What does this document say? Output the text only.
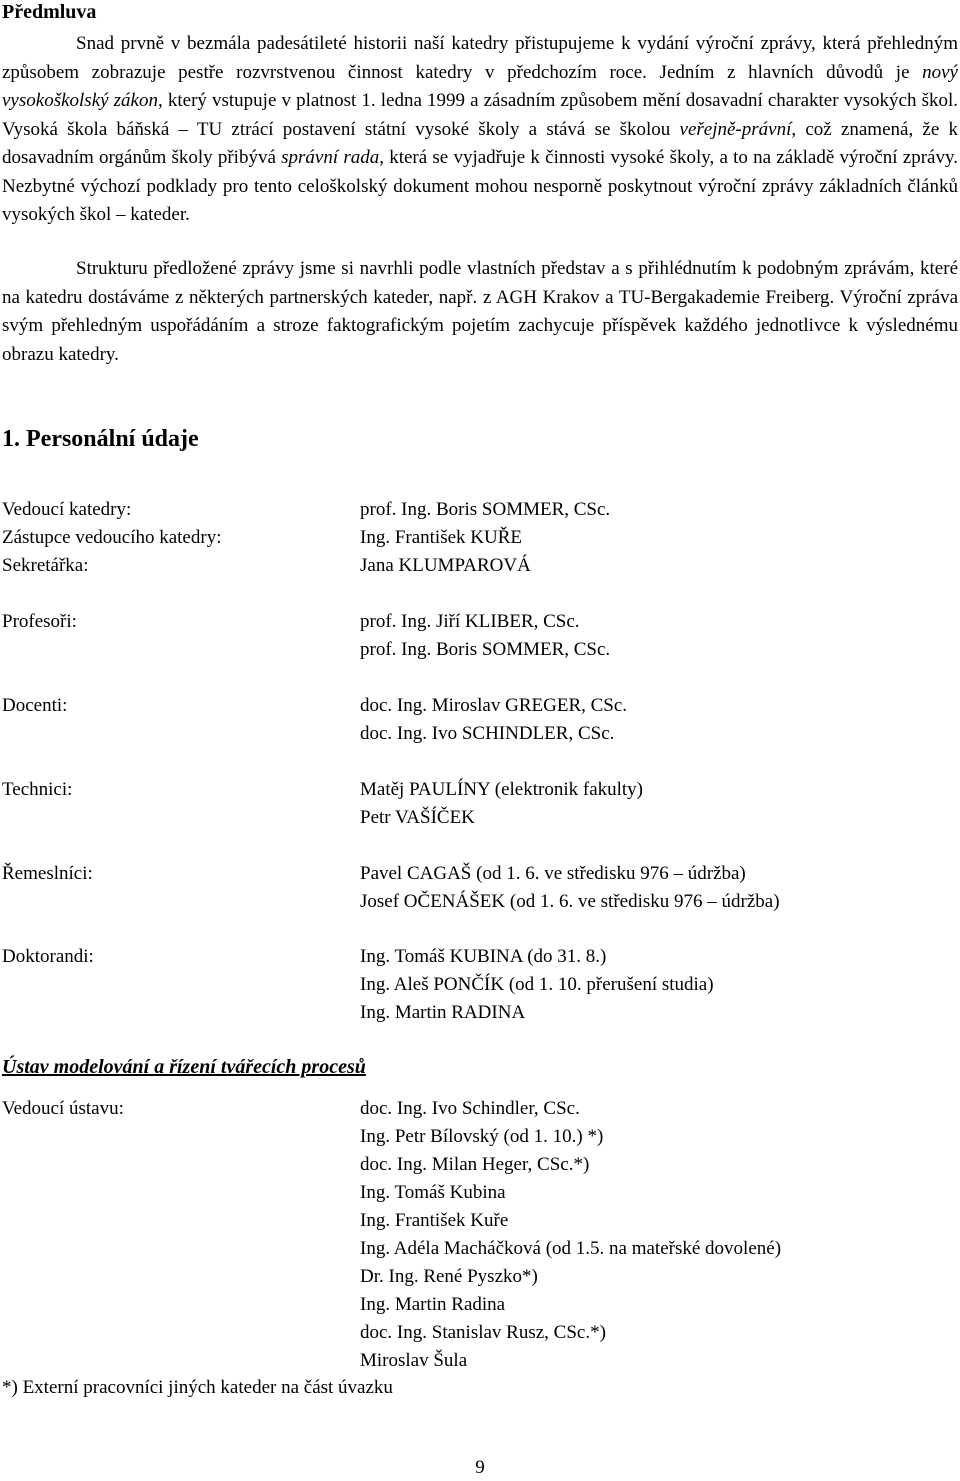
Předmluva

Snad prvně v bezmála padesátileté historii naší katedry přistupujeme k vydání výroční zprávy, která přehledným způsobem zobrazuje pestře rozvrstvenou činnost katedry v předchozím roce. Jedním z hlavních důvodů je nový vysokoškolský zákon, který vstupuje v platnost 1. ledna 1999 a zásadním způsobem mění dosavadní charakter vysokých škol. Vysoká škola báňská – TU ztrácí postavení státní vysoké školy a stává se školou veřejně-právní, což znamená, že k dosavadním orgánům školy přibývá správní rada, která se vyjadřuje k činnosti vysoké školy, a to na základě výroční zprávy. Nezbytné výchozí podklady pro tento celoškolský dokument mohou nesporně poskytnout výroční zprávy základních článků vysokých škol – kateder.

Strukturu předložené zprávy jsme si navrhli podle vlastních představ a s přihlédnutím k podobným zprávám, které na katedru dostáváme z některých partnerských kateder, např. z AGH Krakov a TU-Bergakademie Freiberg. Výroční zpráva svým přehledným uspořádáním a stroze faktografickým pojetím zachycuje příspěvek každého jednotlivce k výslednému obrazu katedry.

1. Personální údaje
Vedoucí katedry:	prof. Ing. Boris SOMMER, CSc.
Zástupce vedoucího katedry:	Ing. František KUŘE
Sekretářka:	Jana KLUMPAROVÁ
Profesoři:	prof. Ing. Jiří KLIBER, CSc.
prof. Ing. Boris SOMMER, CSc.
Docenti:	doc. Ing. Miroslav GREGER, CSc.
doc. Ing. Ivo SCHINDLER, CSc.
Technici:	Matěj PAULÍNY (elektronik fakulty)
Petr VAŠÍČEK
Řemeslníci:	Pavel CAGAŠ (od 1. 6. ve středisku 976 – údržba)
Josef OČENÁŠEK (od 1. 6. ve středisku 976 – údržba)
Doktorandi:	Ing. Tomáš KUBINA (do 31. 8.)
Ing. Aleš PONČÍK (od 1. 10. přerušení studia)
Ing. Martin RADINA
Ústav modelování a řízení tvářecích procesů
Vedoucí ústavu:	doc. Ing. Ivo Schindler, CSc.
Ing. Petr Bílovský (od 1. 10.) *)
doc. Ing. Milan Heger, CSc.*)
Ing. Tomáš Kubina
Ing. František Kuře
Ing. Adéla Macháčková (od 1.5. na mateřské dovolené)
Dr. Ing. René Pyszko*)
Ing. Martin Radina
doc. Ing. Stanislav Rusz, CSc.*)
Miroslav Šula
*) Externí pracovníci jiných kateder na část úvazku
9
